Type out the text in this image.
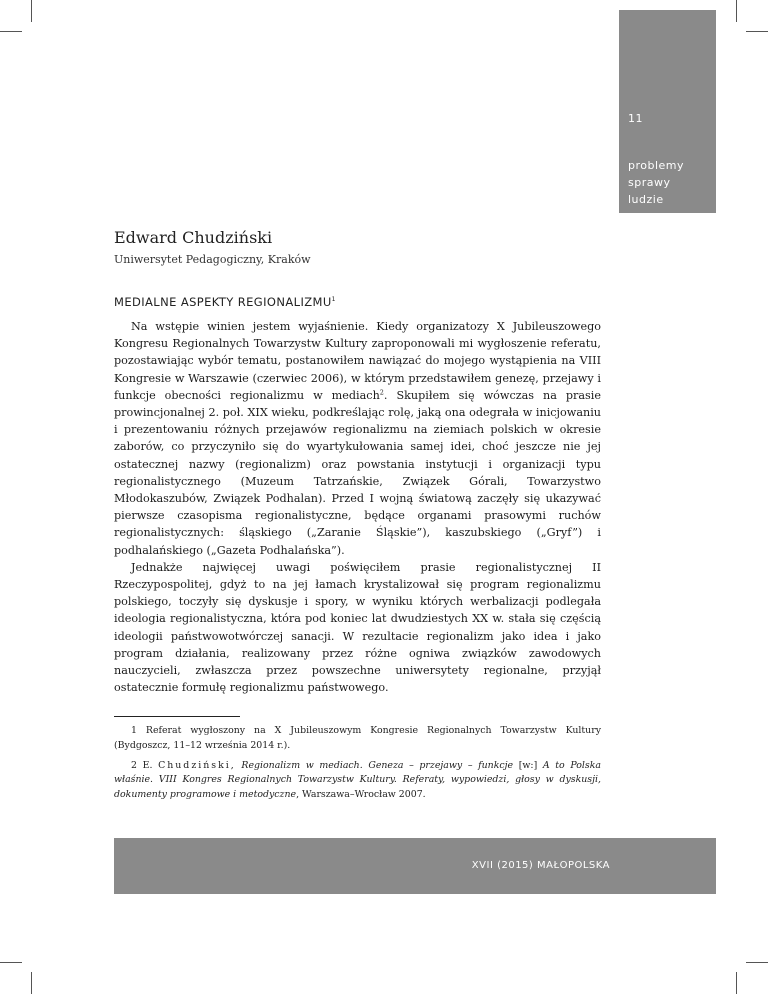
11
problemy
sprawy
ludzie
Edward Chudziński
Uniwersytet Pedagogiczny, Kraków
MEDIALNE ASPEKTY REGIONALIZMU$^1$

Na wstępie winien jestem wyjaśnienie. Kiedy organizatozy X Jubileuszowego Kongresu Regionalnych Towarzystw Kultury zaproponowali mi wygłoszenie referatu, pozostawiając wybór tematu, postanowiłem nawiązać do mojego wystąpienia na VIII Kongresie w Warszawie (czerwiec 2006), w którym przedstawiłem genezę, przejawy i funkcje obecności regionalizmu w mediach$^2$. Skupiłem się wówczas na prasie prowincjonalnej 2. poł. XIX wieku, podkreślając rolę, jaką ona odegrała w inicjowaniu i prezentowaniu różnych przejawów regionalizmu na ziemiach polskich w okresie zaborów, co przyczyniło się do wyartykułowania samej idei, choć jeszcze nie jej ostatecznej nazwy (regionalizm) oraz powstania instytucji i organizacji typu regionalistycznego (Muzeum Tatrzańskie, Związek Górali, Towarzystwo Młodokaszubów, Związek Podhalan). Przed I wojną światową zaczęły się ukazywać pierwsze czasopisma regionalistyczne, będące organami prasowymi ruchów regionalistycznych: śląskiego („Zaranie Śląskie”), kaszubskiego („Gryf”) i podhalańskiego („Gazeta Podhalańska”).

Jednakże najwięcej uwagi poświęciłem prasie regionalistycznej II Rzeczypospolitej, gdyż to na jej łamach krystalizował się program regionalizmu polskiego, toczyły się dyskusje i spory, w wyniku których werbalizacji podlegała ideologia regionalistyczna, która pod koniec lat dwudziestych XX w. stała się częścią ideologii państwowotwórczej sanacji. W rezultacie regionalizm jako idea i jako program działania, realizowany przez różne ogniwa związków zawodowych nauczycieli, zwłaszcza przez powszechne uniwersytety regionalne, przyjął ostatecznie formułę regionalizmu państwowego.

1 Referat wygłoszony na X Jubileuszowym Kongresie Regionalnych Towarzystw Kultury (Bydgoszcz, 11–12 września 2014 r.).

2 E. Chudziński, Regionalizm w mediach. Geneza – przejawy – funkcje [w:] A to Polska właśnie. VIII Kongres Regionalnych Towarzystw Kultury. Referaty, wypowiedzi, głosy w dyskusji, dokumenty programowe i metodyczne, Warszawa–Wrocław 2007.

XVII (2015) MAŁOPOLSKA
